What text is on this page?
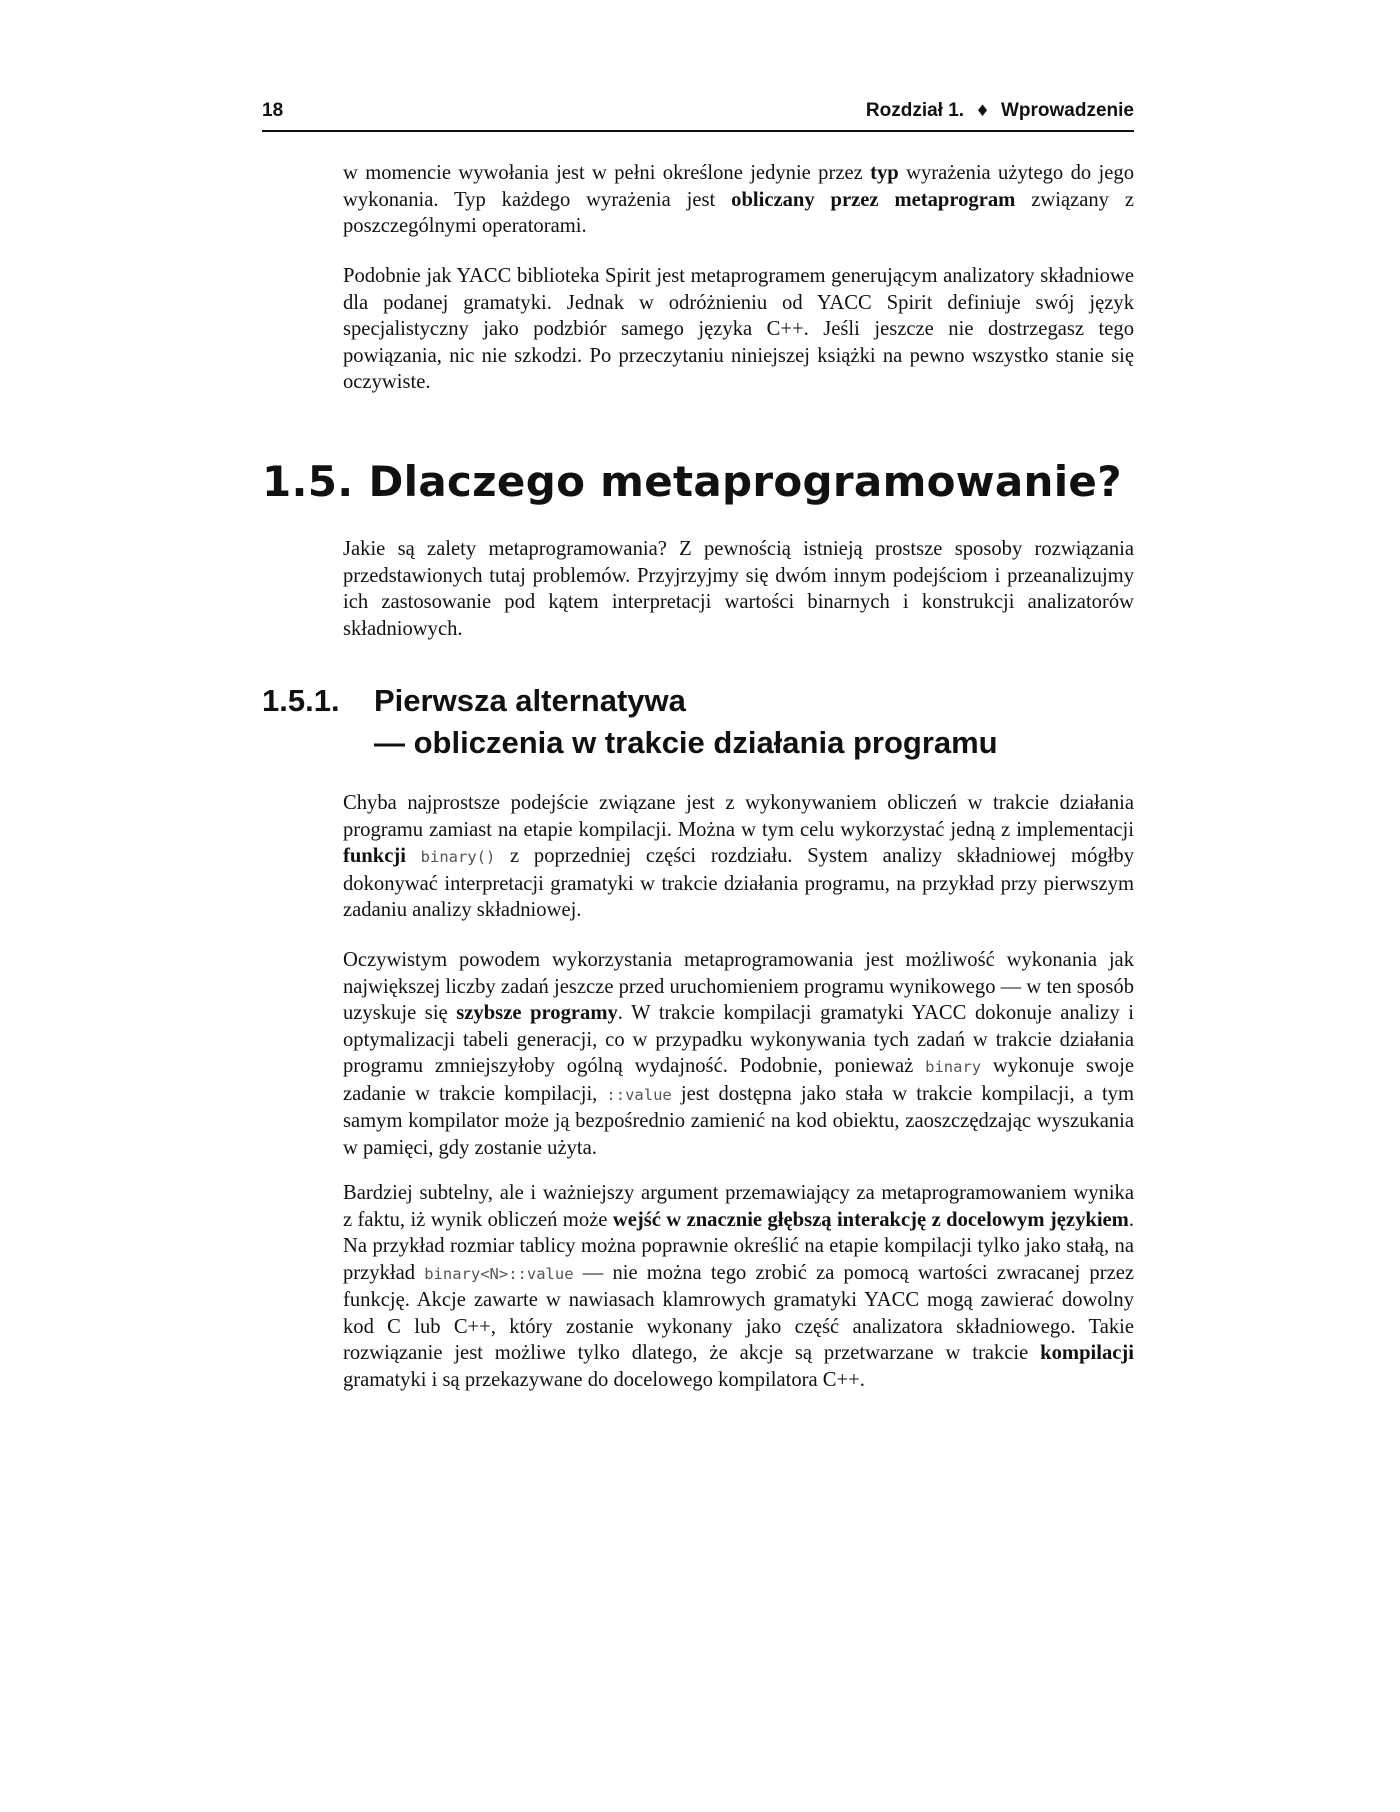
18	Rozdział 1. ♦ Wprowadzenie

w momencie wywołania jest w pełni określone jedynie przez typ wyrażenia użytego do jego wykonania. Typ każdego wyrażenia jest obliczany przez metaprogram związany z poszczególnymi operatorami.

Podobnie jak YACC biblioteka Spirit jest metaprogramem generującym analizatory składniowe dla podanej gramatyki. Jednak w odróżnieniu od YACC Spirit definiuje swój język specjalistyczny jako podzbiór samego języka C++. Jeśli jeszcze nie dostrzegasz tego powiązania, nic nie szkodzi. Po przeczytaniu niniejszej książki na pewno wszystko stanie się oczywiste.

1.5. Dlaczego metaprogramowanie?

Jakie są zalety metaprogramowania? Z pewnością istnieją prostsze sposoby rozwiązania przedstawionych tutaj problemów. Przyjrzyjmy się dwóm innym podejściom i przeanalizujmy ich zastosowanie pod kątem interpretacji wartości binarnych i konstrukcji analizatorów składniowych.

1.5.1. Pierwsza alternatywa
— obliczenia w trakcie działania programu

Chyba najprostsze podejście związane jest z wykonywaniem obliczeń w trakcie działania programu zamiast na etapie kompilacji. Można w tym celu wykorzystać jedną z implementacji funkcji binary() z poprzedniej części rozdziału. System analizy składniowej mógłby dokonywać interpretacji gramatyki w trakcie działania programu, na przykład przy pierwszym zadaniu analizy składniowej.

Oczywistym powodem wykorzystania metaprogramowania jest możliwość wykonania jak największej liczby zadań jeszcze przed uruchomieniem programu wynikowego — w ten sposób uzyskuje się szybsze programy. W trakcie kompilacji gramatyki YACC dokonuje analizy i optymalizacji tabeli generacji, co w przypadku wykonywania tych zadań w trakcie działania programu zmniejszyłoby ogólną wydajność. Podobnie, ponieważ binary wykonuje swoje zadanie w trakcie kompilacji, ::value jest dostępna jako stała w trakcie kompilacji, a tym samym kompilator może ją bezpośrednio zamienić na kod obiektu, zaoszczędzając wyszukania w pamięci, gdy zostanie użyta.

Bardziej subtelny, ale i ważniejszy argument przemawiający za metaprogramowaniem wynika z faktu, iż wynik obliczeń może wejść w znacznie głębszą interakcję z docelowym językiem. Na przykład rozmiar tablicy można poprawnie określić na etapie kompilacji tylko jako stałą, na przykład binary<N>::value — nie można tego zrobić za pomocą wartości zwracanej przez funkcję. Akcje zawarte w nawiasach klamrowych gramatyki YACC mogą zawierać dowolny kod C lub C++, który zostanie wykonany jako część analizatora składniowego. Takie rozwiązanie jest możliwe tylko dlatego, że akcje są przetwarzane w trakcie kompilacji gramatyki i są przekazywane do docelowego kompilatora C++.
